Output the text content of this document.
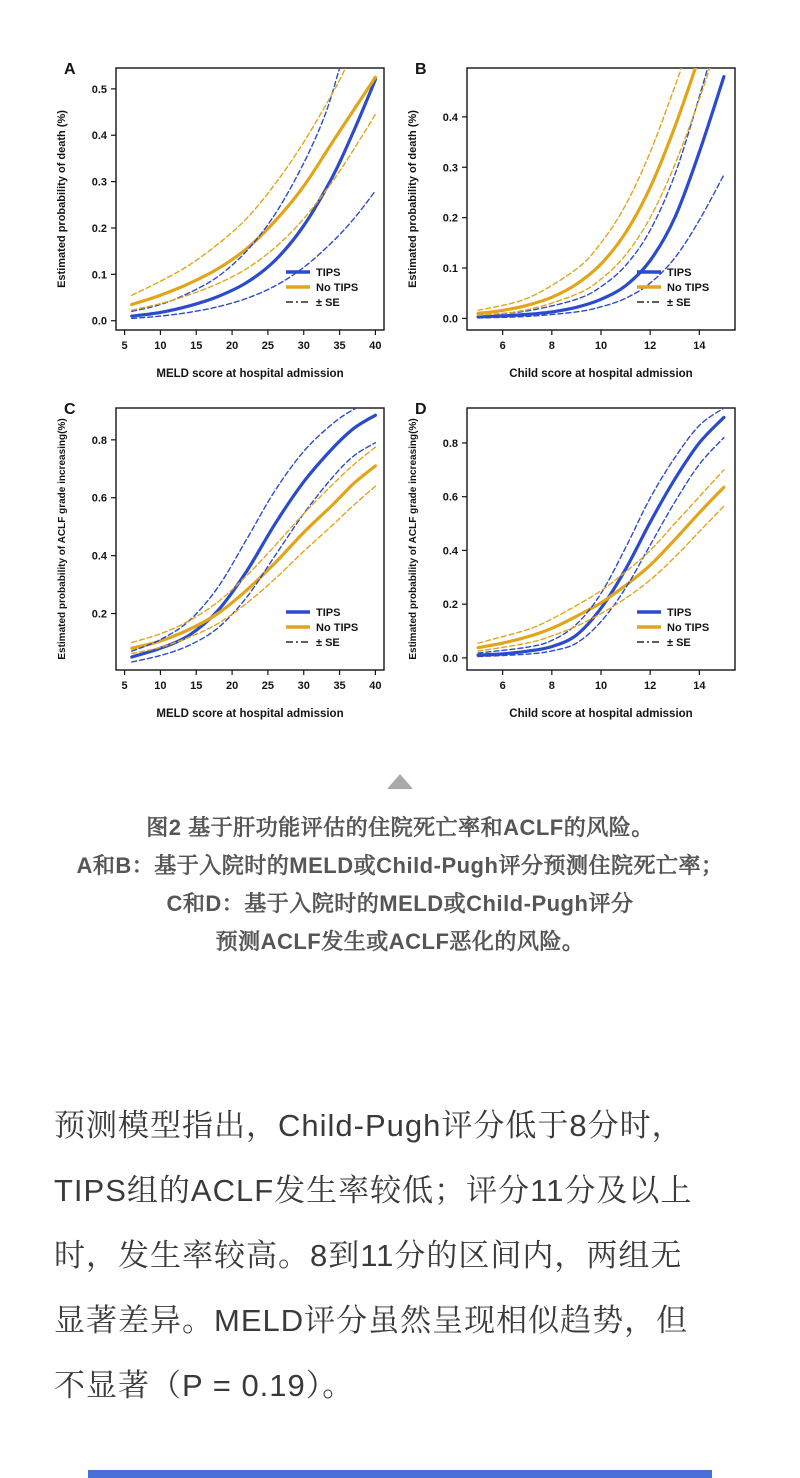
5 10 15 20 25 30 35 40
0.0
0.1
0.2
0.3
0.4
0.5
A
Estimated probability of death (%)
MELD score at hospital admission
TIPS
No TIPS
± SE
6	8	10	12	14
0.0
0.1
0.2
0.3
0.4
B
Estimated probability of death (%)
Child score at hospital admission
TIPS
No TIPS
± SE
5 10 15 20 25 30 35 40
0.2
0.4
0.6
0.8
C
Estimated probability of ACLF grade increasing(%)
MELD score at hospital admission
TIPS
No TIPS
± SE
6	8	10	12	14
0.0
0.2
0.4
0.6
0.8
D
Estimated probability of ACLF grade increasing(%)
Child score at hospital admission
TIPS
No TIPS
± SE

图2 基于肝功能评估的住院死亡率和ACLF的风险。

A和B：基于入院时的MELD或Child-Pugh评分预测住院死亡率；

C和D：基于入院时的MELD或Child-Pugh评分

预测ACLF发生或ACLF恶化的风险。

预测模型指出，Child-Pugh评分低于8分时，
TIPS组的ACLF发生率较低；评分11分及以上
时，发生率较高。8到11分的区间内，两组无
显著差异。MELD评分虽然呈现相似趋势，但
不显著（P = 0.19）。
